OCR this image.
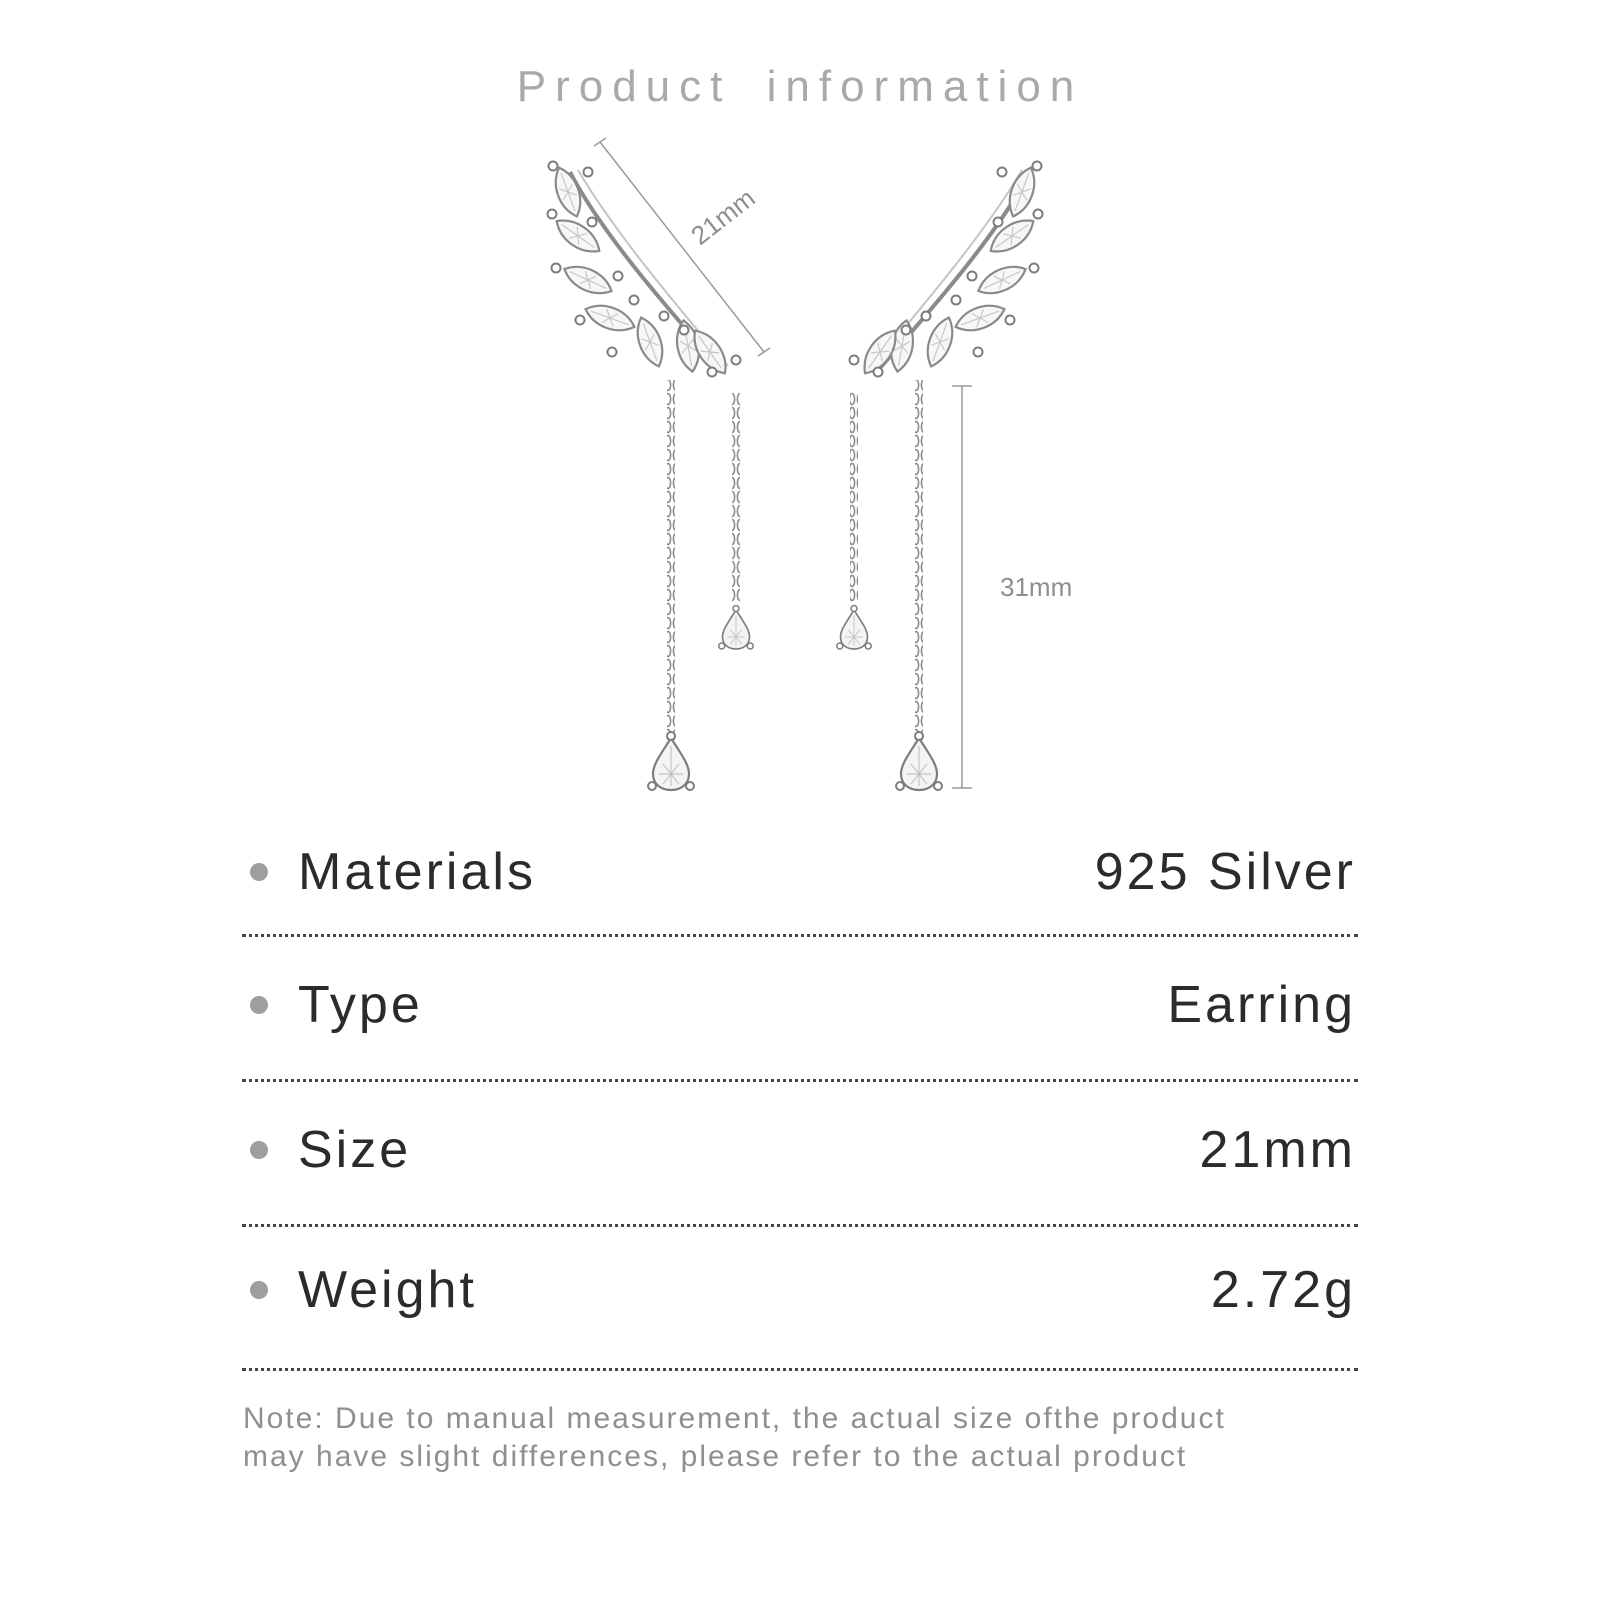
Product information
21mm
31mm
Materials	925 Silver
Type	Earring
Size	21mm
Weight	2.72g

Note: Due to manual measurement, the actual size ofthe product

may have slight differences, please refer to the actual product
